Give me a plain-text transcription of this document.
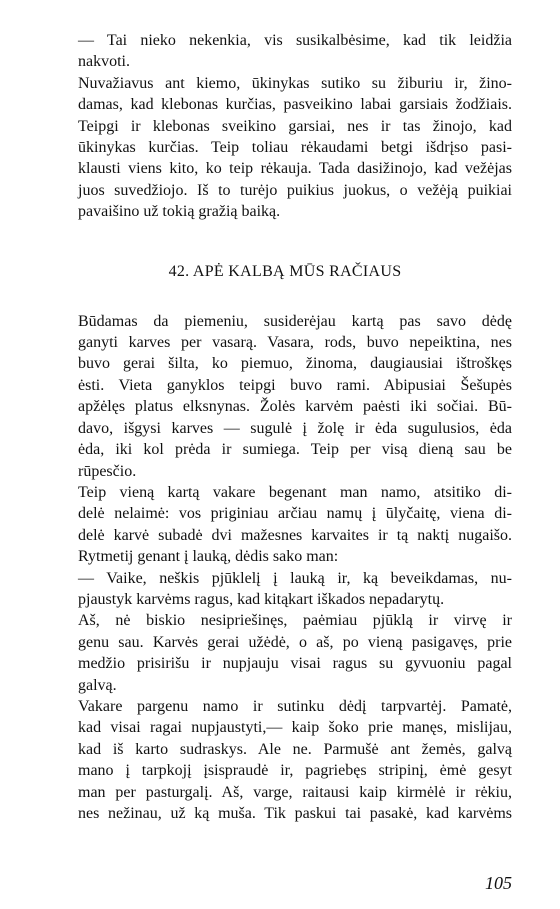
— Tai nieko nekenkia, vis susikalbėsime, kad tik leidžia
nakvoti.

Nuvažiavus ant kiemo, ūkinykas sutiko su žiburiu ir, žino-
damas, kad klebonas kurčias, pasveikino labai garsiais žodžiais.
Teipgi ir klebonas sveikino garsiai, nes ir tas žinojo, kad
ūkinykas kurčias. Teip toliau rėkaudami betgi išdrįso pasi-
klausti viens kito, ko teip rėkauja. Tada dasižinojo, kad vežėjas
juos suvedžiojo. Iš to turėjo puikius juokus, o vežėją puikiai
pavaišino už tokią gražią baiką.

42. APĖ KALBĄ MŪS RAČIAUS

Būdamas da piemeniu, susiderėjau kartą pas savo dėdę
ganyti karves per vasarą. Vasara, rods, buvo nepeiktina, nes
buvo gerai šilta, ko piemuo, žinoma, daugiausiai ištroškęs
ėsti. Vieta ganyklos teipgi buvo rami. Abipusiai Šešupės
apžėlęs platus elksnynas. Žolės karvėm paėsti iki sočiai. Bū-
davo, išgysi karves — sugulė į žolę ir ėda sugulusios, ėda
ėda, iki kol prėda ir sumiega. Teip per visą dieną sau be
rūpesčio.

Teip vieną kartą vakare begenant man namo, atsitiko di-
delė nelaimė: vos priginiau arčiau namų į ūlyčaitę, viena di-
delė karvė subadė dvi mažesnes karvaites ir tą naktį nugaišo.
Rytmetij genant į lauką, dėdis sako man:

— Vaike, neškis pjūklelį į lauką ir, ką beveikdamas, nu-
pjaustyk karvėms ragus, kad kitąkart iškados nepadarytų.

Aš, nė biskio nesipriešinęs, paėmiau pjūklą ir virvę ir
genu sau. Karvės gerai užėdė, o aš, po vieną pasigavęs, prie
medžio prisirišu ir nupjauju visai ragus su gyvuoniu pagal
galvą.

Vakare pargenu namo ir sutinku dėdį tarpvartėj. Pamatė,
kad visai ragai nupjaustyti,— kaip šoko prie manęs, mislijau,
kad iš karto sudraskys. Ale ne. Parmušė ant žemės, galvą
mano į tarpkojį įsispraudė ir, pagriebęs stripinį, ėmė gesyt
man per pasturgalį. Aš, varge, raitausi kaip kirmėlė ir rėkiu,
nes nežinau, už ką muša. Tik paskui tai pasakė, kad karvėms

105
